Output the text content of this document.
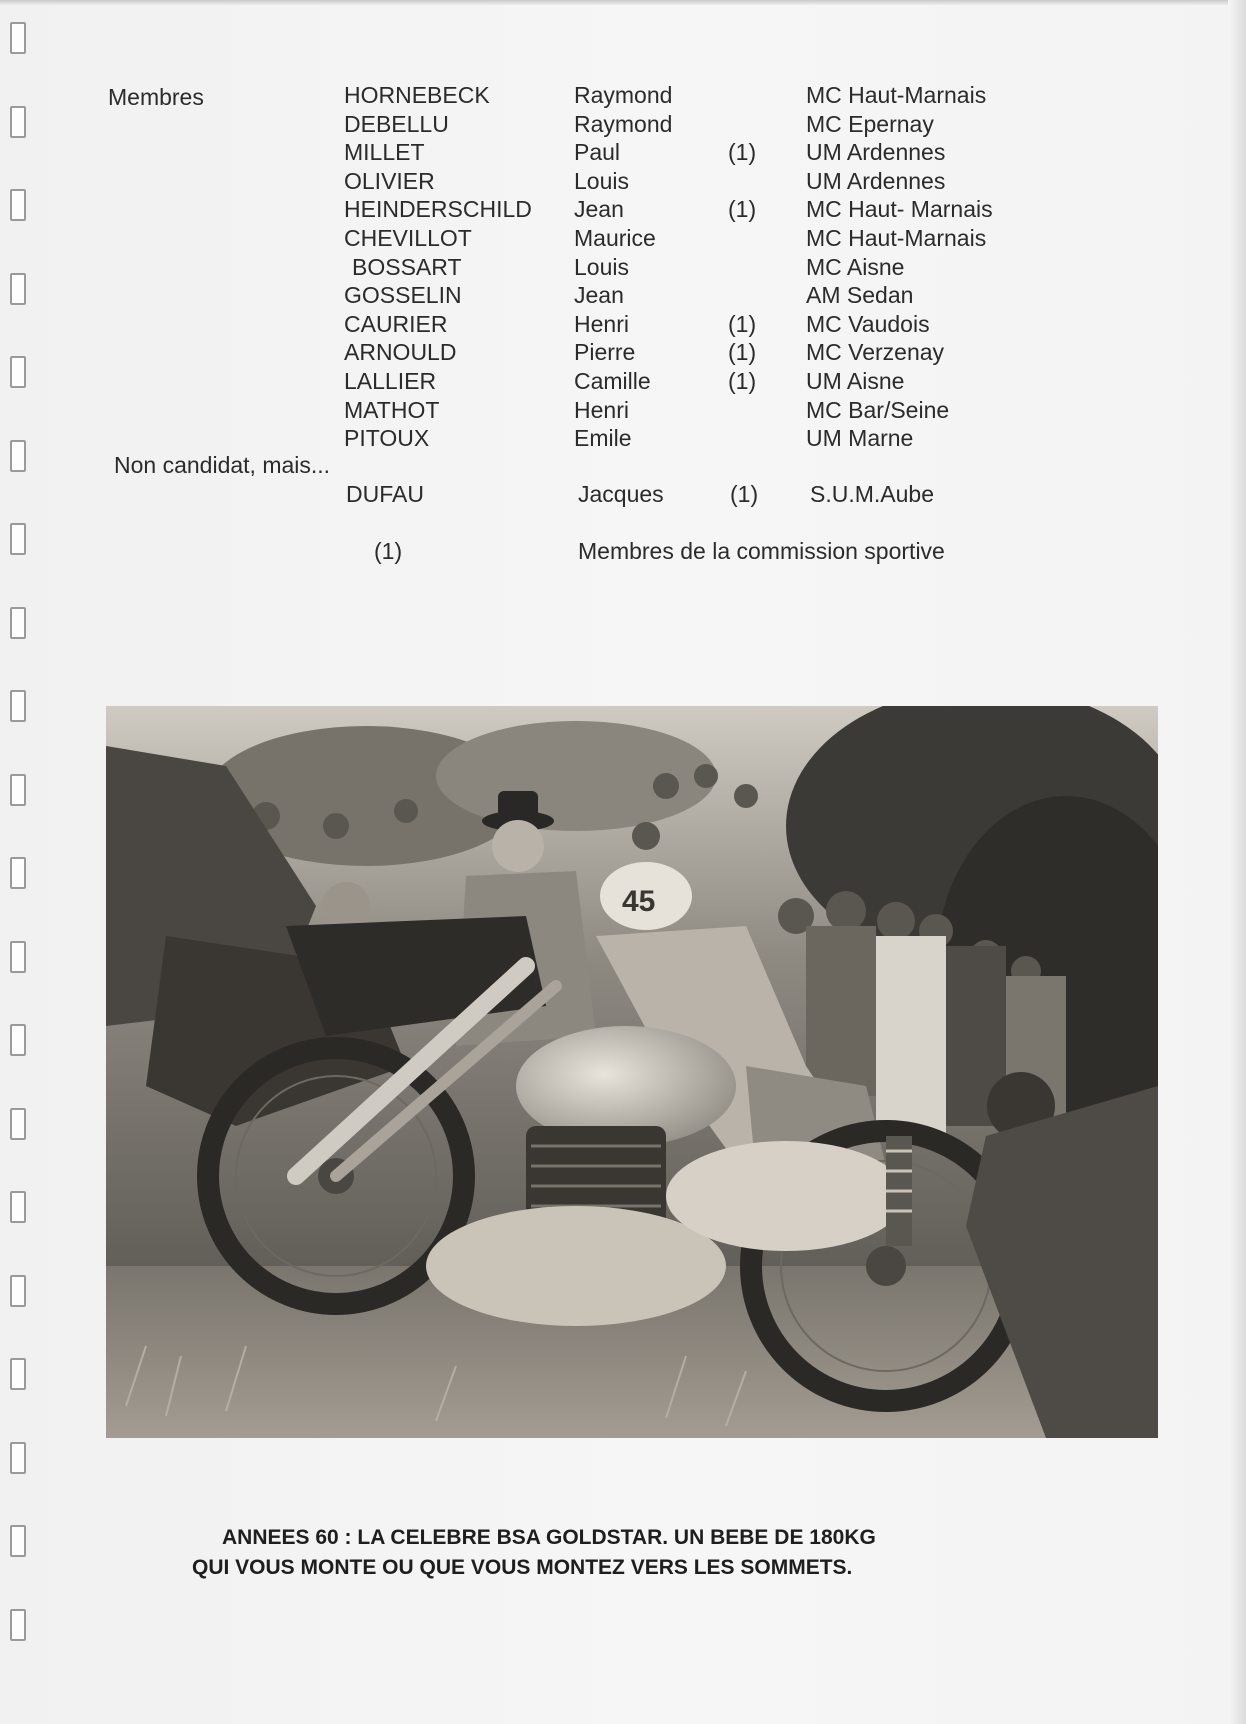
Membres	HORNEBECK	Raymond	MC Haut-Marnais
DEBELLU	Raymond	MC Epernay
MILLET	Paul	(1) UM Ardennes
OLIVIER	Louis	UM Ardennes
HEINDERSCHILD Jean	(1) MC Haut- Marnais
CHEVILLOT	Maurice	MC Haut-Marnais
BOSSART	Louis	MC Aisne
GOSSELIN	Jean	AM Sedan
CAURIER	Henri	(1) MC Vaudois
ARNOULD	Pierre	(1) MC Verzenay
LALLIER	Camille	(1) UM Aisne
MATHOT	Henri	MC Bar/Seine
PITOUX	Emile	UM Marne
Non candidat, mais...
DUFAU	Jacques	(1) S.U.M.Aube
(1)	Membres de la commission sportive
45
ANNEES 60 : LA CELEBRE BSA GOLDSTAR. UN BEBE DE 180KG
QUI VOUS MONTE OU QUE VOUS MONTEZ VERS LES SOMMETS.
